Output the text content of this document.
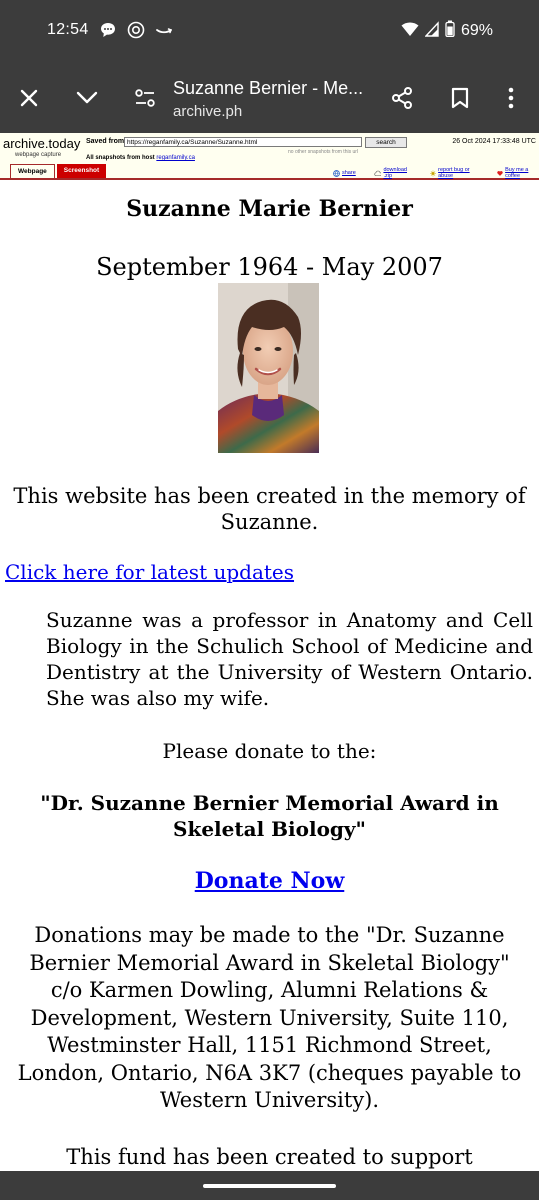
12:54	69%
Suzanne Bernier - Me...
archive.ph
archive.today
webpage capture
Saved from
https://reganfamily.ca/Suzanne/Suzanne.html	search	26 Oct 2024 17:33:48 UTC
no other snapshots from this url
All snapshots from host reganfamily.ca
Webpage	Screenshot	share	download .zip
report bug or abuse
Buy me a coffee
Suzanne Marie Bernier
September 1964 - May 2007
This website has been created in the memory of
Suzanne.
Click here for latest updates
Suzanne was a professor in Anatomy and Cell Biology in the Schulich School of Medicine and Dentistry at the University of Western Ontario. She was also my wife.
Please donate to the:
"Dr. Suzanne Bernier Memorial Award in
Skeletal Biology"
Donate Now
Donations may be made to the "Dr. Suzanne
Bernier Memorial Award in Skeletal Biology"
c/o Karmen Dowling, Alumni Relations &
Development, Western University, Suite 110,
Westminster Hall, 1151 Richmond Street,
London, Ontario, N6A 3K7 (cheques payable to
Western University).
This fund has been created to support
